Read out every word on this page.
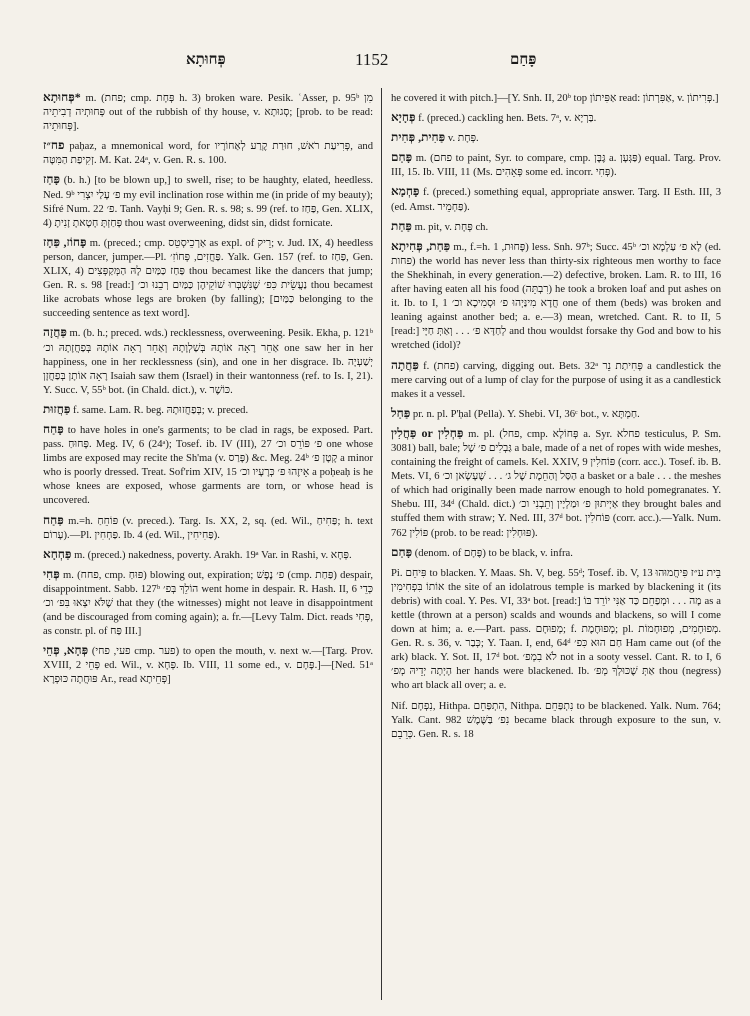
פְּחוּתָא	1152	פָּחַם

*פְּחוּתָא m. (פחת; cmp. פְּחָת h. 3) broken ware. Pesik. ʿAsser, p. 95ᵇ מִן פְּחוּתְיה דְבִיתֵיה out of the rubbish of thy house, v. סְגוּתָא; [prob. to be read: פְּחוּתֵיה].

פח״ז paḥaz, a mnemonical word, for פְּרִיעַת רֹאשׁ, חוּרַת קֶרַע לְאַחוֹרָיו, and זְקִיפַת הַמִּטָּה. M. Kat. 24ᵃ, v. Gen. R. s. 100.

פָּחַז (b. h.) [to be blown up,] to swell, rise; to be haughty, elated, heedless. Ned. 9ᵇ פ׳ עָלַי יִצְרִי my evil inclination rose within me (in pride of my beauty); Sifré Num. 22 פ׳. Tanh. Vayḥi 9; Gen. R. s. 98; s. 99 (ref. to פַּחַז, Gen. XLIX, 4) פָּחַזְתָּ חָטָאתָ זָנִיתָ thou wast overweening, didst sin, didst fornicate.

פָּחוֹז, פַּחָז m. (preced.; cmp. אַרְכֵיסְטֵס as expl. of רֵיק; v. Jud. IX, 4) heedless person, dancer, jumper.—Pl. פַּחֲזִים, פְּחוֹזִ׳. Yalk. Gen. 157 (ref. to פַּחַז, Gen. XLIX, 4) פַּחַז כַּמַּיִם לָהּ הַמְּקַפְּצִים thou becamest like the dancers that jump; Gen. R. s. 98 [read:] נַעֲשֵׂית כִּפ׳ שֶׁנִּשְׁבְּרוּ שׁוֹקֵיהֶן כַּמַּיִם רְבֵנוּ וכ׳ thou becamest like acrobats whose legs are broken (by falling); [כַּמַּיִם belonging to the succeeding sentence as text word].

פַּחֲזָה m. (b. h.; preced. wds.) recklessness, overweening. Pesik. Ekha, p. 121ᵇ אַחֵר רָאָה אוֹתָהּ בְּשַׁלְוָתָהּ וְאַחֵר רָאָה אוֹתָהּ בְּפַחֲזָתָהּ וכ׳ one saw her in her happiness, one in her recklessness (sin), and one in her disgrace. Ib. יְשַׁעְיָה רָאָה אוֹתָן בְּפַחֲזָן Isaiah saw them (Israel) in their wantonness (ref. to Is. I, 21). Y. Succ. V, 55ᵇ bot. (in Chald. dict.), v. כּוֹשֶׁר.

פַּחֲזוּת f. same. Lam. R. beg. בְּפַחֲזוּתָהּ; v. preced.

פָּחַח to have holes in one's garments; to be clad in rags, be exposed. Part. pass. פָּחוּחַ. Meg. IV, 6 (24ᵃ); Tosef. ib. IV (III), 27 פ׳ פּוֹרֵס וכ׳ one whose limbs are exposed may recite the Sh'ma (v. פָּרַס) &c. Meg. 24ᵇ קָטָן פ׳ a minor who is poorly dressed. Treat. Sof'rim XIV, 15 אֵיזֶהוּ פ׳ כְּרָעָיו וכ׳ a poḥeaḥ is he whose knees are exposed, whose garments are torn, or whose head is uncovered.

פַּחַח m.=h. פּוֹחֵחַ (v. preced.). Targ. Is. XX, 2, sq. (ed. Wil., פַּחִיחַ; h. text עָרוֹם).—Pl. פַּחְחִין. Ib. 4 (ed. Wil., פַּחִיחִין).

פַּחְחָא m. (preced.) nakedness, poverty. Arakh. 19ᵃ Var. in Rashi, v. פְּחָא.

פְּחִי m. (פחח, cmp. פּוּחַ) blowing out, expiration; פ׳ נֶפֶשׁ (cmp. פַּחַת) despair, disappointment. Sabb. 127ᵇ הוֹלֵךְ בְּפ׳ went home in despair. R. Hash. II, 6 כְּדֵי שֶׁלֹּא יִצְאוּ בִּפ׳ וכ׳ that they (the witnesses) might not leave in disappointment (and be discouraged from coming again); a. fr.—[Levy Talm. Dict. reads פְּחִי, as constr. pl. of פַּח III.]

פְּחָא, פְּחֵי (פעי, פחי cmp. פער) to open the mouth, v. next w.—[Targ. Prov. XVIII, 2 פְּחֵי ed. Wil., v. פְּחָא. Ib. VIII, 11 some ed., v. פָּחָם.]—[Ned. 51ᵃ פּוּחֲתָה כּוּפְרָא Ar., read פְּחֵיתָא]

he covered it with pitch.]—[Y. Snh. II, 20ᵇ top אַפִּיתוֹן read: אַפִּרְתוֹן, v. פְּרִיתוֹן.]

פְּחָיָא f. (preced.) cackling hen. Bets. 7ᵃ, v. בַּרְיָא.

פַּחִית, פְּחִית v. פְּחָת.

פָּחַם m. (פחם to paint, Syr. to compare, cmp. גֶּבֶּן a. פַּגְּעָן) equal. Targ. Prov. III, 15. Ib. VIII, 11 (Ms. פְּאֵהִים some ed. incorr. פְּחִי).

פָּחְמָא f. (preced.) something equal, appropriate answer. Targ. II Esth. III, 3 (ed. Amst. פַּחְמֵיר).

פַּחַת m. pit, v. פְּחָת ch.

פַּחַת, פְּחִיתָא m., f.=h. פָּחוּת, 1) less. Snh. 97ᵇ; Succ. 45ᵇ לָא פ׳ עַלְמָא וכ׳ (ed. פחות) the world has never less than thirty-six righteous men worthy to face the Shekhinah, in every generation.—2) defective, broken. Lam. R. to III, 16 after having eaten all his food (רִבְתֵּה) he took a broken loaf and put ashes on it. Ib. to I, 1 חֲדָא מִינַּיְהוּ פ׳ וּסְמִיכָא וכ׳ one of them (beds) was broken and leaning against another bed; a. e.—3) mean, wretched. Cant. R. to II, 5 [read:] לְחַדָּא פ׳ . . . וְאַתְּ חַיָּי and thou wouldst forsake thy God and bow to his wretched (idol)?

פַּחֲתָה f. (פחת) carving, digging out. Bets. 32ᵃ פְּחִיתַת נֵר a candlestick the mere carving out of a lump of clay for the purpose of using it as a candlestick makes it a vessel.

פַּחַל pr. n. pl. P'ḥal (Pella). Y. Shebi. VI, 36ᶜ bot., v. חַמְתָּא.

פַּחְלִין or פַּחֲלִין m. pl. (פחל, cmp. פְּחוֹלָא a. Syr. פחלא testiculus, P. Sm. 3081) ball, bale; גַּבְלִים פ׳ שֶׁל a bale, made of a net of ropes with wide meshes, containing the freight of camels. Kel. XXIV, 9 פּוֹחלִין (corr. acc.). Tosef. ib. B. Mets. VI, 6 הַסַּל וְהַחֵמֶת שֶׁל ג׳ . . . שֶׁעָשָׂאן וכ׳ a basket or a bale . . . the meshes of which had originally been made narrow enough to hold pomegranates. Y. Shebu. III, 34ᵈ (Chald. dict.) אַיְיתוּן פ׳ וּמַלְיָין וְתֵבְנִי וכ׳ they brought bales and stuffed them with straw; Y. Ned. III, 37ᵈ bot. פּוֹחלִין (corr. acc.).—Yalk. Num. 762 פּוֹלִין (prob. to be read: פּוּחְלִין).

פָּחַם (denom. of פֶּחָם) to be black, v. infra.

Pi. פִּיחֵם to blacken. Y. Maas. Sh. V, beg. 55ᵈ; Tosef. ib. V, 13 בֵּית ע״ז פִּיחֲמוּהוּ אוֹתוֹ בִּפְחִימִין the site of an idolatrous temple is marked by blackening it (its debris) with coal. Y. Pes. VI, 33ᵃ bot. [read:] מָה . . . וּמְפַחֵם כַּד אַנִּי יוֹרֵד בּוֹ as a kettle (thrown at a person) scalds and wounds and blackens, so will I come down at him; a. e.—Part. pass. מְפוּחָם; f. מְפוּחֶמֶת; pl. מְפוּחָמִים, מְפוּחָמוֹת. Gen. R. s. 36, v. כְּבַר; Y. Taan. I, end, 64ᵈ חַם הוּא כִּפ׳ Ham came out (of the ark) black. Y. Sot. II, 17ᵈ bot. לֹא בִמְפ׳ not in a sooty vessel. Cant. R. to I, 6 הָיְתָה יְדֵיהּ מְפ׳ her hands were blackened. Ib. אַתְּ שֶׁכּוּלְךָ מְפ׳ thou (negress) who art black all over; a. e.

Nif. נִפְחָם, Hithpa. הִתְפַּחֵם, Nithpa. נִתְפַּחֵם to be blackened. Yalk. Num. 764; Yalk. Cant. 982 נִפ׳ בַּשֶּׁמֶשׁ became black through exposure to the sun, v. כְּרֵבֵם. Gen. R. s. 18
